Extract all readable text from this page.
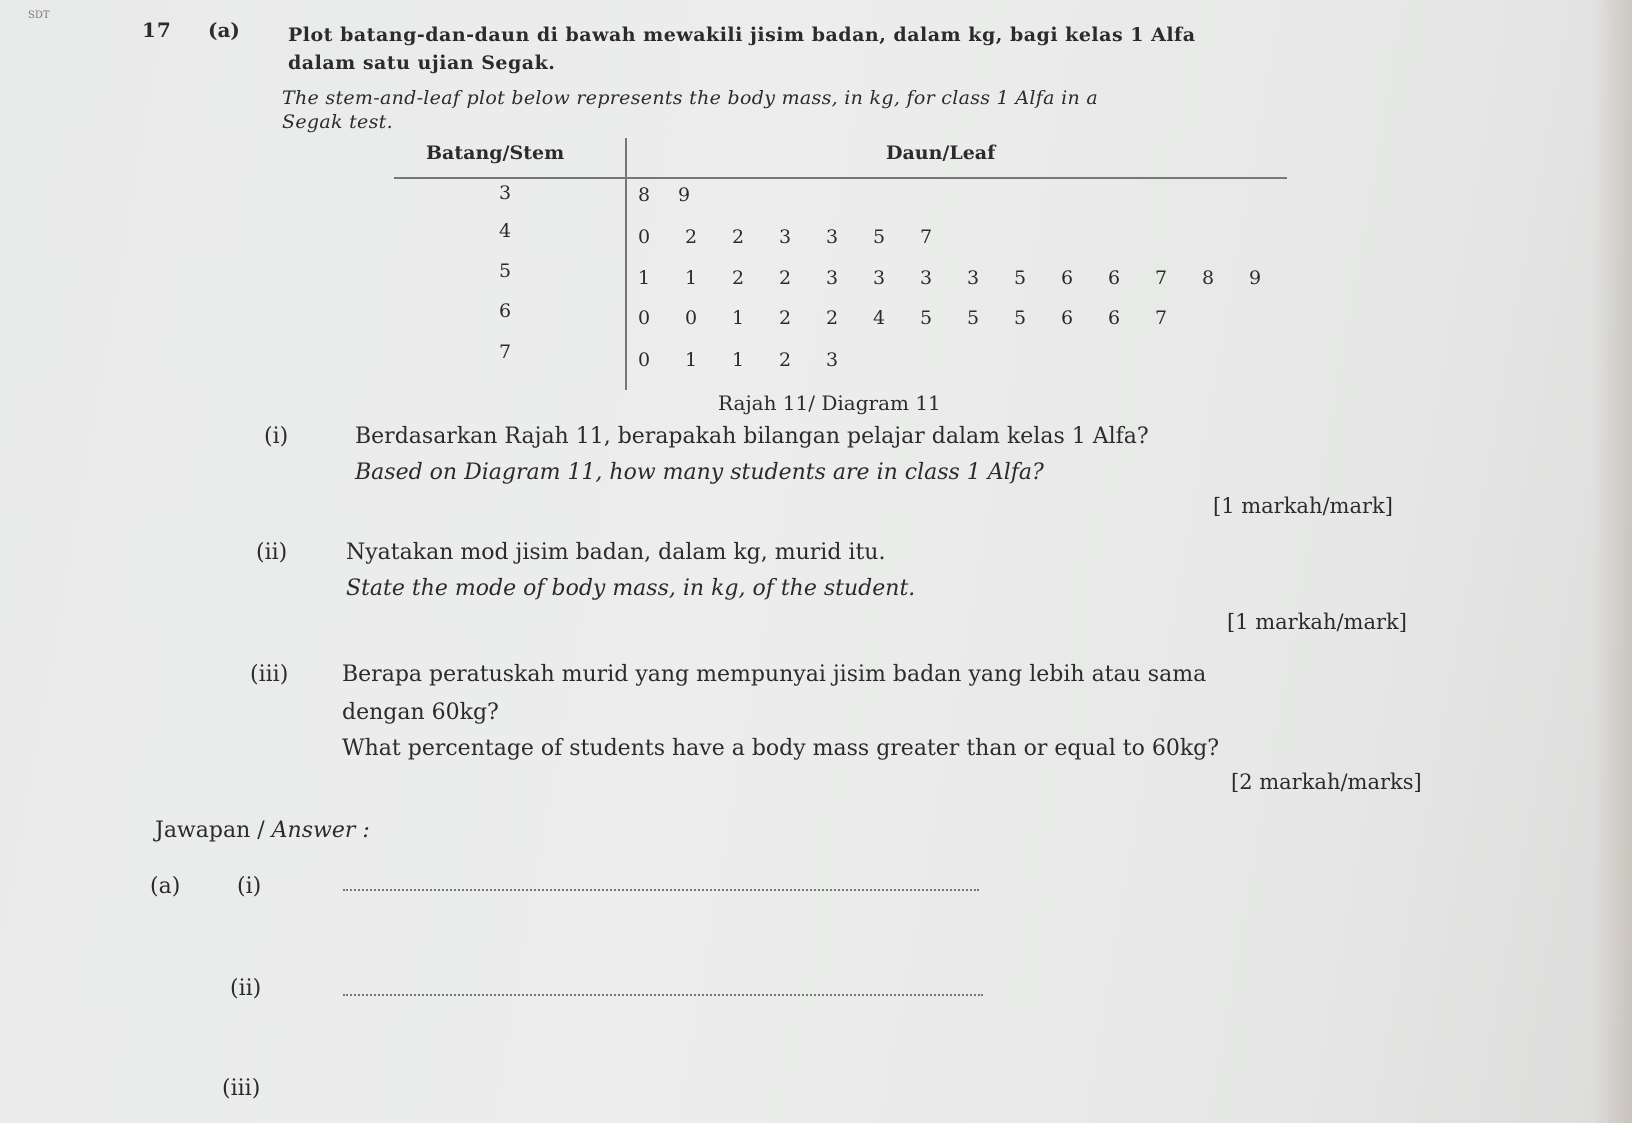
SDT
17 (a)	Plot batang-dan-daun di bawah mewakili jisim badan, dalam kg, bagi kelas 1 Alfa
dalam satu ujian Segak.
The stem-and-leaf plot below represents the body mass, in kg, for class 1 Alfa in a
Segak test.
Batang/Stem	Daun/Leaf
3	8 9
4	0 2 2 3 3 5 7
5	1 1 2 2 3 3 3 3 5 6 6 7 8 9
6	0 0 1 2 2 4 5 5 5 6 6 7
7	0 1 1 2 3
Rajah 11/ Diagram 11
(i)	Berdasarkan Rajah 11, berapakah bilangan pelajar dalam kelas 1 Alfa?
Based on Diagram 11, how many students are in class 1 Alfa?
[1 markah/mark]
(ii)	Nyatakan mod jisim badan, dalam kg, murid itu.
State the mode of body mass, in kg, of the student.
[1 markah/mark]
(iii) Berapa peratuskah murid yang mempunyai jisim badan yang lebih atau sama
dengan 60kg?
What percentage of students have a body mass greater than or equal to 60kg?
[2 markah/marks]
Jawapan / Answer :
(a)	(i)
(ii)
(iii)
